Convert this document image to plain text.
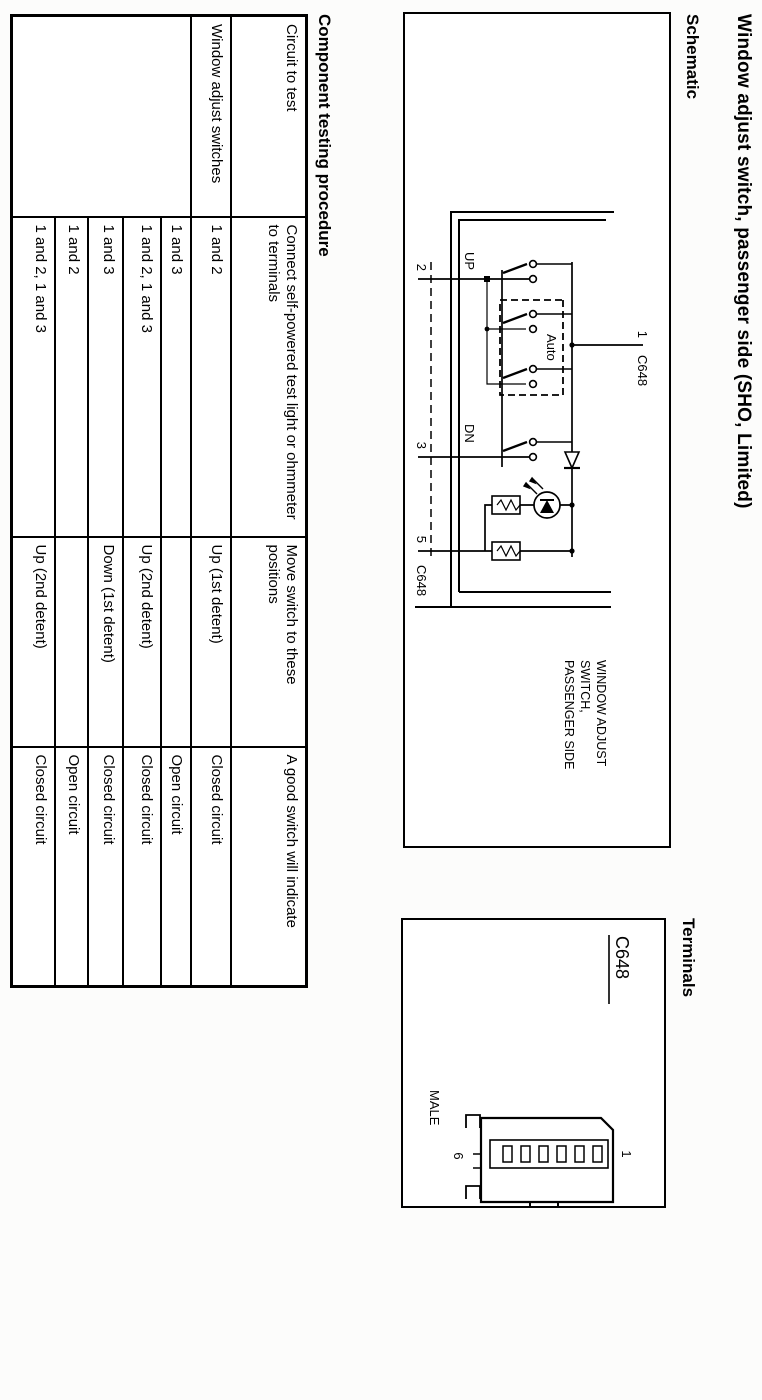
Window adjust switch, passenger side (SHO, Limited)
Schematic
Auto
2
3
5
C648
UP
DN
1
C648
WINDOW ADJUST
SWITCH,
PASSENGER SIDE
Terminals
C648
1
6
MALE
Component testing procedure
Circuit to test	Connect self-powered test light or ohmmeter to terminals	Move switch to these positions	A good switch will indicate
Window adjust switches	1 and 2	Up (1st detent)	Closed circuit
	1 and 3		Open circuit
	1 and 2, 1 and 3	Up (2nd detent)	Closed circuit
	1 and 3	Down (1st detent)	Closed circuit
	1 and 2		Open circuit
	1 and 2, 1 and 3	Up (2nd detent)	Closed circuit
